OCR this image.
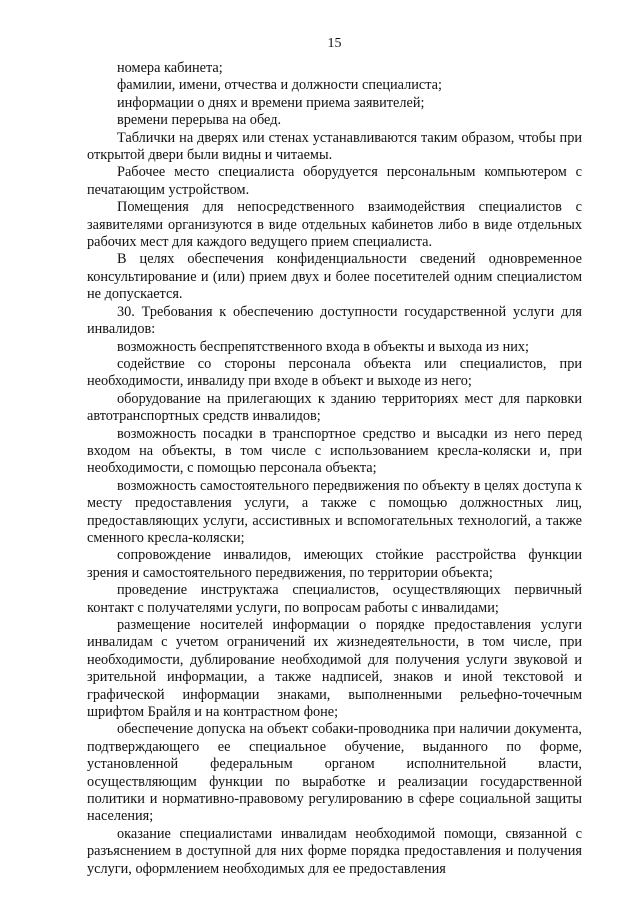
15

номера кабинета;

фамилии, имени, отчества и должности специалиста;

информации о днях и времени приема заявителей;

времени перерыва на обед.

Таблички на дверях или стенах устанавливаются таким образом, чтобы при открытой двери были видны и читаемы.

Рабочее место специалиста оборудуется персональным компьютером с печатающим устройством.

Помещения для непосредственного взаимодействия специалистов с заявителями организуются в виде отдельных кабинетов либо в виде отдельных рабочих мест для каждого ведущего прием специалиста.

В целях обеспечения конфиденциальности сведений одновременное консультирование и (или) прием двух и более посетителей одним специалистом не допускается.

30. Требования к обеспечению доступности государственной услуги для инвалидов:

возможность беспрепятственного входа в объекты и выхода из них;

содействие со стороны персонала объекта или специалистов, при необходимости, инвалиду при входе в объект и выходе из него;

оборудование на прилегающих к зданию территориях мест для парковки автотранспортных средств инвалидов;

возможность посадки в транспортное средство и высадки из него перед входом на объекты, в том числе с использованием кресла-коляски и, при необходимости, с помощью персонала объекта;

возможность самостоятельного передвижения по объекту в целях доступа к месту предоставления услуги, а также с помощью должностных лиц, предоставляющих услуги, ассистивных и вспомогательных технологий, а также сменного кресла-коляски;

сопровождение инвалидов, имеющих стойкие расстройства функции зрения и самостоятельного передвижения, по территории объекта;

проведение инструктажа специалистов, осуществляющих первичный контакт с получателями услуги, по вопросам работы с инвалидами;

размещение носителей информации о порядке предоставления услуги инвалидам с учетом ограничений их жизнедеятельности, в том числе, при необходимости, дублирование необходимой для получения услуги звуковой и зрительной информации, а также надписей, знаков и иной текстовой и графической информации знаками, выполненными рельефно-точечным шрифтом Брайля и на контрастном фоне;

обеспечение допуска на объект собаки-проводника при наличии документа, подтверждающего ее специальное обучение, выданного по форме, установленной федеральным органом исполнительной власти, осуществляющим функции по выработке и реализации государственной политики и нормативно-правовому регулированию в сфере социальной защиты населения;

оказание специалистами инвалидам необходимой помощи, связанной с разъяснением в доступной для них форме порядка предоставления и получения услуги, оформлением необходимых для ее предоставления
